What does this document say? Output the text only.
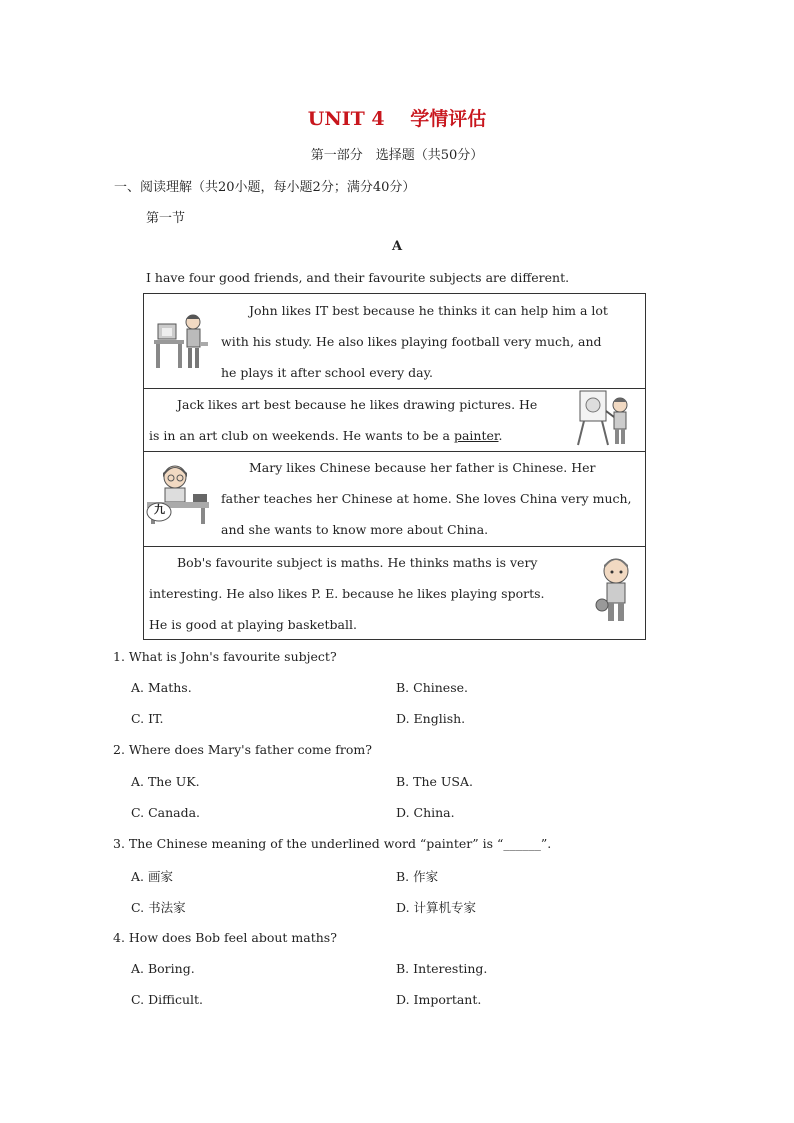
UNIT 4　 学情评估
第一部分　选择题（共50分）
一、阅读理解（共20小题，每小题2分；满分40分）
第一节
A
I have four good friends, and their favourite subjects are different.
John likes IT best because he thinks it can help him a lot
with his study. He also likes playing football very much, and
he plays it after school every day.
Jack likes art best because he likes drawing pictures. He
is in an art club on weekends. He wants to be a painter.
九
Mary likes Chinese because her father is Chinese. Her
father teaches her Chinese at home. She loves China very much,
and she wants to know more about China.
Bob's favourite subject is maths. He thinks maths is very
interesting. He also likes P. E. because he likes playing sports.
He is good at playing basketball.
1. What is John's favourite subject?
A. Maths.	B. Chinese.
C. IT.	D. English.
2. Where does Mary's father come from?
A. The UK.	B. The USA.
C. Canada.	D. China.
3. The Chinese meaning of the underlined word “painter” is “______”.
A. 画家	B. 作家
C. 书法家	D. 计算机专家
4. How does Bob feel about maths?
A. Boring.	B. Interesting.
C. Difficult.	D. Important.
